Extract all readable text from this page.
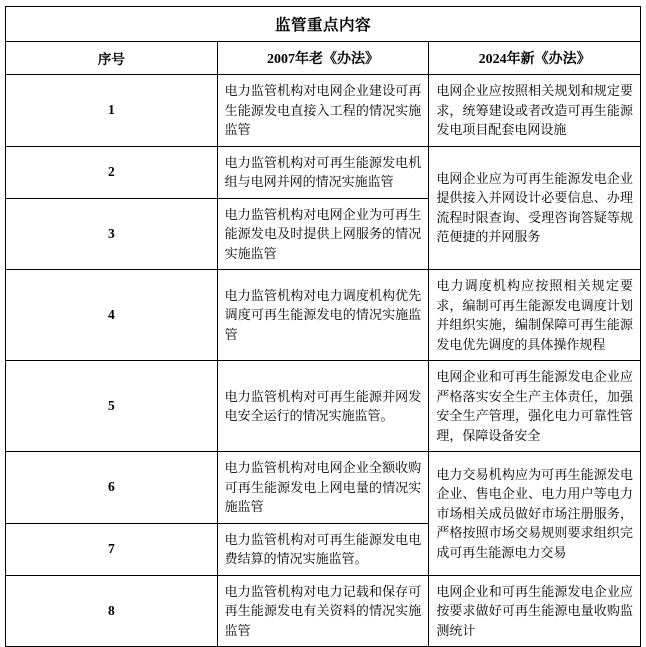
监管重点内容		
序号	2007年老《办法》	2024年新《办法》
1	电力监管机构对电网企业建设可再生能源发电直接入工程的情况实施监管	电网企业应按照相关规划和规定要求，统筹建设或者改造可再生能源发电项目配套电网设施
2	电力监管机构对可再生能源发电机组与电网并网的情况实施监管	电网企业应为可再生能源发电企业提供接入并网设计必要信息、办理流程时限查询、受理咨询答疑等规范便捷的并网服务
3	电力监管机构对电网企业为可再生能源发电及时提供上网服务的情况实施监管	
4	电力监管机构对电力调度机构优先调度可再生能源发电的情况实施监管	电力调度机构应按照相关规定要求，编制可再生能源发电调度计划并组织实施，编制保障可再生能源发电优先调度的具体操作规程
5	电力监管机构对可再生能源并网发电安全运行的情况实施监管。	电网企业和可再生能源发电企业应严格落实安全生产主体责任，加强安全生产管理，强化电力可靠性管理，保障设备安全
6	电力监管机构对电网企业全额收购可再生能源发电上网电量的情况实施监管	电力交易机构应为可再生能源发电企业、售电企业、电力用户等电力市场相关成员做好市场注册服务，严格按照市场交易规则要求组织完成可再生能源电力交易
7	电力监管机构对可再生能源发电电费结算的情况实施监管。	
8	电力监管机构对电力记载和保存可再生能源发电有关资料的情况实施监管	电网企业和可再生能源发电企业应按要求做好可再生能源电量收购监测统计
